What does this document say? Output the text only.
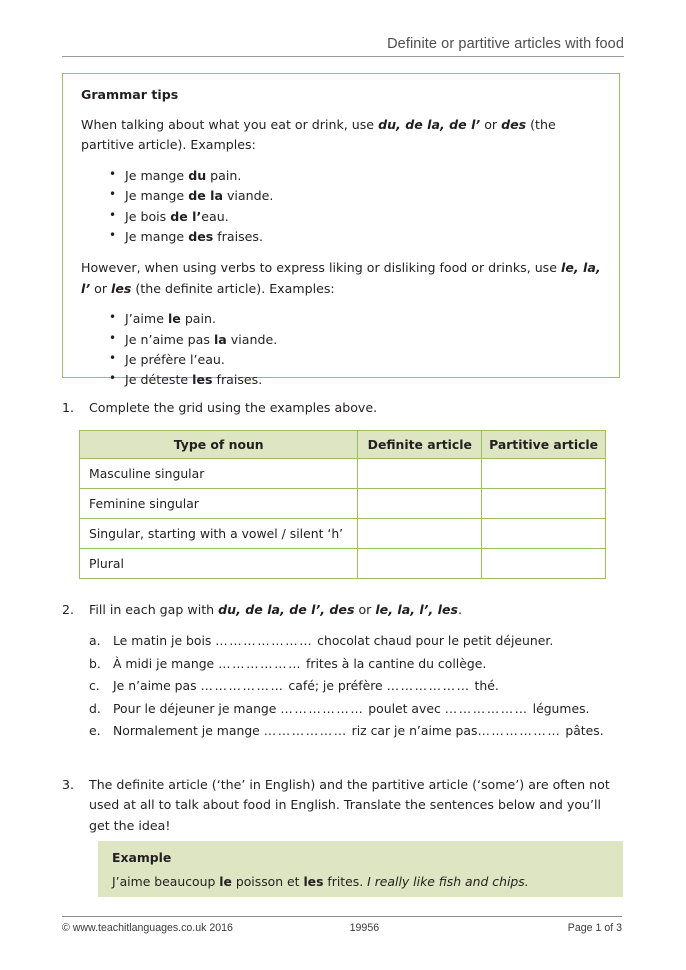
Definite or partitive articles with food
Grammar tips

When talking about what you eat or drink, use du, de la, de l’ or des (the partitive article). Examples:

• Je mange du pain.
• Je mange de la viande.
• Je bois de l’eau.
• Je mange des fraises.

However, when using verbs to express liking or disliking food or drinks, use le, la, l’ or les (the definite article). Examples:

• J’aime le pain.
• Je n’aime pas la viande.
• Je préfère l’eau.
• Je déteste les fraises.
1.	Complete the grid using the examples above.
Type of noun	Definite article	Partitive article
Masculine singular		
Feminine singular		
Singular, starting with a vowel / silent ‘h’		
Plural		
2.	Fill in each gap with du, de la, de l’, des or le, la, l’, les.
a. Le matin je bois ………………… chocolat chaud pour le petit déjeuner.
b. À midi je mange ……………… frites à la cantine du collège.
c. Je n’aime pas ……………… café; je préfère ……………… thé.
d. Pour le déjeuner je mange ……………… poulet avec ……………… légumes.
e. Normalement je mange ……………… riz car je n’aime pas……………… pâtes.
3.	The definite article (‘the’ in English) and the partitive article (‘some’) are often not used at all to talk about food in English. Translate the sentences below and you’ll get the idea!
Example
J’aime beaucoup le poisson et les frites. I really like fish and chips.
© www.teachitlanguages.co.uk 2016	19956	Page 1 of 3
